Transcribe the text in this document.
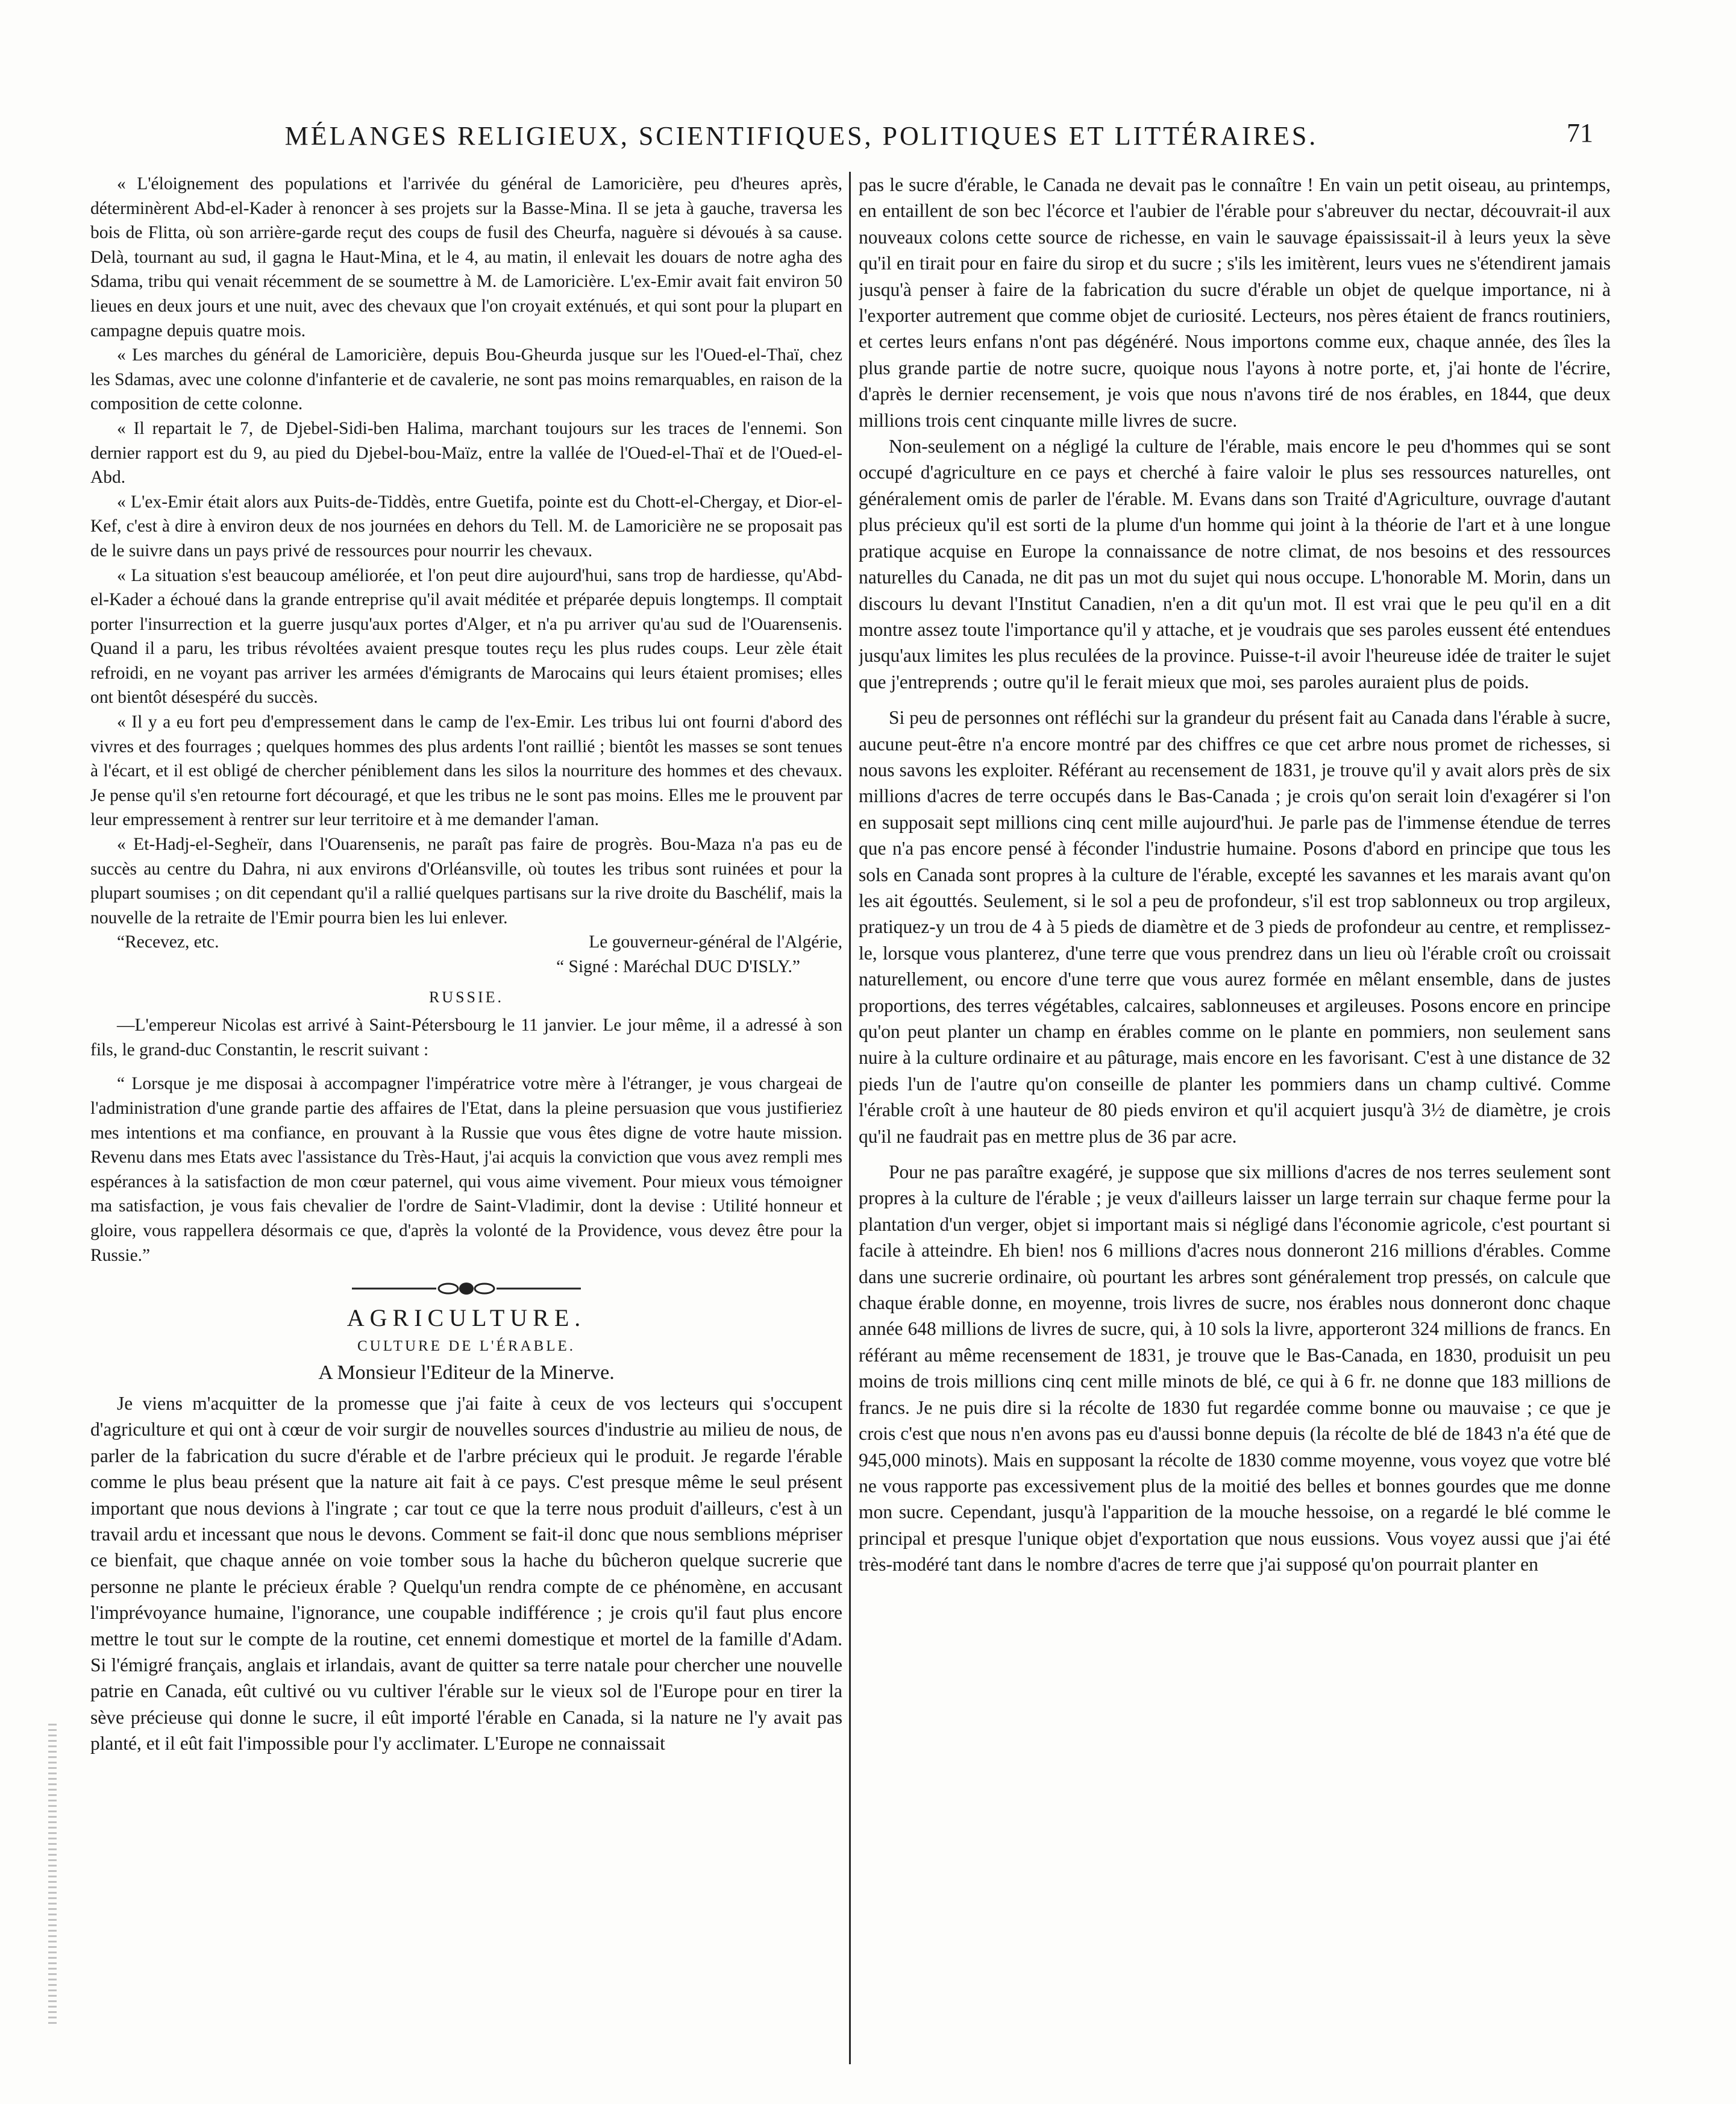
MÉLANGES RELIGIEUX, SCIENTIFIQUES, POLITIQUES ET LITTÉRAIRES.	71

« L'éloignement des populations et l'arrivée du général de Lamoricière, peu d'heures après, déterminèrent Abd-el-Kader à renoncer à ses projets sur la Basse-Mina. Il se jeta à gauche, traversa les bois de Flitta, où son arrière-garde reçut des coups de fusil des Cheurfa, naguère si dévoués à sa cause. Delà, tournant au sud, il gagna le Haut-Mina, et le 4, au matin, il enlevait les douars de notre agha des Sdama, tribu qui venait récemment de se soumettre à M. de Lamoricière. L'ex-Emir avait fait environ 50 lieues en deux jours et une nuit, avec des chevaux que l'on croyait exténués, et qui sont pour la plupart en campagne depuis quatre mois.

« Les marches du général de Lamoricière, depuis Bou-Gheurda jusque sur les l'Oued-el-Thaï, chez les Sdamas, avec une colonne d'infanterie et de cavalerie, ne sont pas moins remarquables, en raison de la composition de cette colonne.

« Il repartait le 7, de Djebel-Sidi-ben Halima, marchant toujours sur les traces de l'ennemi. Son dernier rapport est du 9, au pied du Djebel-bou-Maïz, entre la vallée de l'Oued-el-Thaï et de l'Oued-el-Abd.

« L'ex-Emir était alors aux Puits-de-Tiddès, entre Guetifa, pointe est du Chott-el-Chergay, et Dior-el-Kef, c'est à dire à environ deux de nos journées en dehors du Tell. M. de Lamoricière ne se proposait pas de le suivre dans un pays privé de ressources pour nourrir les chevaux.

« La situation s'est beaucoup améliorée, et l'on peut dire aujourd'hui, sans trop de hardiesse, qu'Abd-el-Kader a échoué dans la grande entreprise qu'il avait méditée et préparée depuis longtemps. Il comptait porter l'insurrection et la guerre jusqu'aux portes d'Alger, et n'a pu arriver qu'au sud de l'Ouarensenis. Quand il a paru, les tribus révoltées avaient presque toutes reçu les plus rudes coups. Leur zèle était refroidi, en ne voyant pas arriver les armées d'émigrants de Marocains qui leurs étaient promises; elles ont bientôt désespéré du succès.

« Il y a eu fort peu d'empressement dans le camp de l'ex-Emir. Les tribus lui ont fourni d'abord des vivres et des fourrages ; quelques hommes des plus ardents l'ont raillié ; bientôt les masses se sont tenues à l'écart, et il est obligé de chercher péniblement dans les silos la nourriture des hommes et des chevaux. Je pense qu'il s'en retourne fort découragé, et que les tribus ne le sont pas moins. Elles me le prouvent par leur empressement à rentrer sur leur territoire et à me demander l'aman.

« Et-Hadj-el-Segheïr, dans l'Ouarensenis, ne paraît pas faire de progrès. Bou-Maza n'a pas eu de succès au centre du Dahra, ni aux environs d'Orléansville, où toutes les tribus sont ruinées et pour la plupart soumises ; on dit cependant qu'il a rallié quelques partisans sur la rive droite du Baschélif, mais la nouvelle de la retraite de l'Emir pourra bien les lui enlever.

“Recevez, etc.	Le gouverneur-général de l'Algérie,

“ Signé : Maréchal DUC D'ISLY.”

RUSSIE.

—L'empereur Nicolas est arrivé à Saint-Pétersbourg le 11 janvier. Le jour même, il a adressé à son fils, le grand-duc Constantin, le rescrit suivant :

“ Lorsque je me disposai à accompagner l'impératrice votre mère à l'étranger, je vous chargeai de l'administration d'une grande partie des affaires de l'Etat, dans la pleine persuasion que vous justifieriez mes intentions et ma confiance, en prouvant à la Russie que vous êtes digne de votre haute mission. Revenu dans mes Etats avec l'assistance du Très-Haut, j'ai acquis la conviction que vous avez rempli mes espérances à la satisfaction de mon cœur paternel, qui vous aime vivement. Pour mieux vous témoigner ma satisfaction, je vous fais chevalier de l'ordre de Saint-Vladimir, dont la devise : Utilité honneur et gloire, vous rappellera désormais ce que, d'après la volonté de la Providence, vous devez être pour la Russie.”

AGRICULTURE.

CULTURE DE L'ÉRABLE.

A Monsieur l'Editeur de la Minerve.

Je viens m'acquitter de la promesse que j'ai faite à ceux de vos lecteurs qui s'occupent d'agriculture et qui ont à cœur de voir surgir de nouvelles sources d'industrie au milieu de nous, de parler de la fabrication du sucre d'érable et de l'arbre précieux qui le produit. Je regarde l'érable comme le plus beau présent que la nature ait fait à ce pays. C'est presque même le seul présent important que nous devions à l'ingrate ; car tout ce que la terre nous produit d'ailleurs, c'est à un travail ardu et incessant que nous le devons. Comment se fait-il donc que nous semblions mépriser ce bienfait, que chaque année on voie tomber sous la hache du bûcheron quelque sucrerie que personne ne plante le précieux érable ? Quelqu'un rendra compte de ce phénomène, en accusant l'imprévoyance humaine, l'ignorance, une coupable indifférence ; je crois qu'il faut plus encore mettre le tout sur le compte de la routine, cet ennemi domestique et mortel de la famille d'Adam. Si l'émigré français, anglais et irlandais, avant de quitter sa terre natale pour chercher une nouvelle patrie en Canada, eût cultivé ou vu cultiver l'érable sur le vieux sol de l'Europe pour en tirer la sève précieuse qui donne le sucre, il eût importé l'érable en Canada, si la nature ne l'y avait pas planté, et il eût fait l'impossible pour l'y acclimater. L'Europe ne connaissait

pas le sucre d'érable, le Canada ne devait pas le connaître ! En vain un petit oiseau, au printemps, en entaillent de son bec l'écorce et l'aubier de l'érable pour s'abreuver du nectar, découvrait-il aux nouveaux colons cette source de richesse, en vain le sauvage épaississait-il à leurs yeux la sève qu'il en tirait pour en faire du sirop et du sucre ; s'ils les imitèrent, leurs vues ne s'étendirent jamais jusqu'à penser à faire de la fabrication du sucre d'érable un objet de quelque importance, ni à l'exporter autrement que comme objet de curiosité. Lecteurs, nos pères étaient de francs routiniers, et certes leurs enfans n'ont pas dégénéré. Nous importons comme eux, chaque année, des îles la plus grande partie de notre sucre, quoique nous l'ayons à notre porte, et, j'ai honte de l'écrire, d'après le dernier recensement, je vois que nous n'avons tiré de nos érables, en 1844, que deux millions trois cent cinquante mille livres de sucre.

Non-seulement on a négligé la culture de l'érable, mais encore le peu d'hommes qui se sont occupé d'agriculture en ce pays et cherché à faire valoir le plus ses ressources naturelles, ont généralement omis de parler de l'érable. M. Evans dans son Traité d'Agriculture, ouvrage d'autant plus précieux qu'il est sorti de la plume d'un homme qui joint à la théorie de l'art et à une longue pratique acquise en Europe la connaissance de notre climat, de nos besoins et des ressources naturelles du Canada, ne dit pas un mot du sujet qui nous occupe. L'honorable M. Morin, dans un discours lu devant l'Institut Canadien, n'en a dit qu'un mot. Il est vrai que le peu qu'il en a dit montre assez toute l'importance qu'il y attache, et je voudrais que ses paroles eussent été entendues jusqu'aux limites les plus reculées de la province. Puisse-t-il avoir l'heureuse idée de traiter le sujet que j'entreprends ; outre qu'il le ferait mieux que moi, ses paroles auraient plus de poids.

Si peu de personnes ont réfléchi sur la grandeur du présent fait au Canada dans l'érable à sucre, aucune peut-être n'a encore montré par des chiffres ce que cet arbre nous promet de richesses, si nous savons les exploiter. Référant au recensement de 1831, je trouve qu'il y avait alors près de six millions d'acres de terre occupés dans le Bas-Canada ; je crois qu'on serait loin d'exagérer si l'on en supposait sept millions cinq cent mille aujourd'hui. Je parle pas de l'immense étendue de terres que n'a pas encore pensé à féconder l'industrie humaine. Posons d'abord en principe que tous les sols en Canada sont propres à la culture de l'érable, excepté les savannes et les marais avant qu'on les ait égouttés. Seulement, si le sol a peu de profondeur, s'il est trop sablonneux ou trop argileux, pratiquez-y un trou de 4 à 5 pieds de diamètre et de 3 pieds de profondeur au centre, et remplissez-le, lorsque vous planterez, d'une terre que vous prendrez dans un lieu où l'érable croît ou croissait naturellement, ou encore d'une terre que vous aurez formée en mêlant ensemble, dans de justes proportions, des terres végétables, calcaires, sablonneuses et argileuses. Posons encore en principe qu'on peut planter un champ en érables comme on le plante en pommiers, non seulement sans nuire à la culture ordinaire et au pâturage, mais encore en les favorisant. C'est à une distance de 32 pieds l'un de l'autre qu'on conseille de planter les pommiers dans un champ cultivé. Comme l'érable croît à une hauteur de 80 pieds environ et qu'il acquiert jusqu'à 3½ de diamètre, je crois qu'il ne faudrait pas en mettre plus de 36 par acre.

Pour ne pas paraître exagéré, je suppose que six millions d'acres de nos terres seulement sont propres à la culture de l'érable ; je veux d'ailleurs laisser un large terrain sur chaque ferme pour la plantation d'un verger, objet si important mais si négligé dans l'économie agricole, c'est pourtant si facile à atteindre. Eh bien! nos 6 millions d'acres nous donneront 216 millions d'érables. Comme dans une sucrerie ordinaire, où pourtant les arbres sont généralement trop pressés, on calcule que chaque érable donne, en moyenne, trois livres de sucre, nos érables nous donneront donc chaque année 648 millions de livres de sucre, qui, à 10 sols la livre, apporteront 324 millions de francs. En référant au même recensement de 1831, je trouve que le Bas-Canada, en 1830, produisit un peu moins de trois millions cinq cent mille minots de blé, ce qui à 6 fr. ne donne que 183 millions de francs. Je ne puis dire si la récolte de 1830 fut regardée comme bonne ou mauvaise ; ce que je crois c'est que nous n'en avons pas eu d'aussi bonne depuis (la récolte de blé de 1843 n'a été que de 945,000 minots). Mais en supposant la récolte de 1830 comme moyenne, vous voyez que votre blé ne vous rapporte pas excessivement plus de la moitié des belles et bonnes gourdes que me donne mon sucre. Cependant, jusqu'à l'apparition de la mouche hessoise, on a regardé le blé comme le principal et presque l'unique objet d'exportation que nous eussions. Vous voyez aussi que j'ai été très-modéré tant dans le nombre d'acres de terre que j'ai supposé qu'on pourrait planter en
